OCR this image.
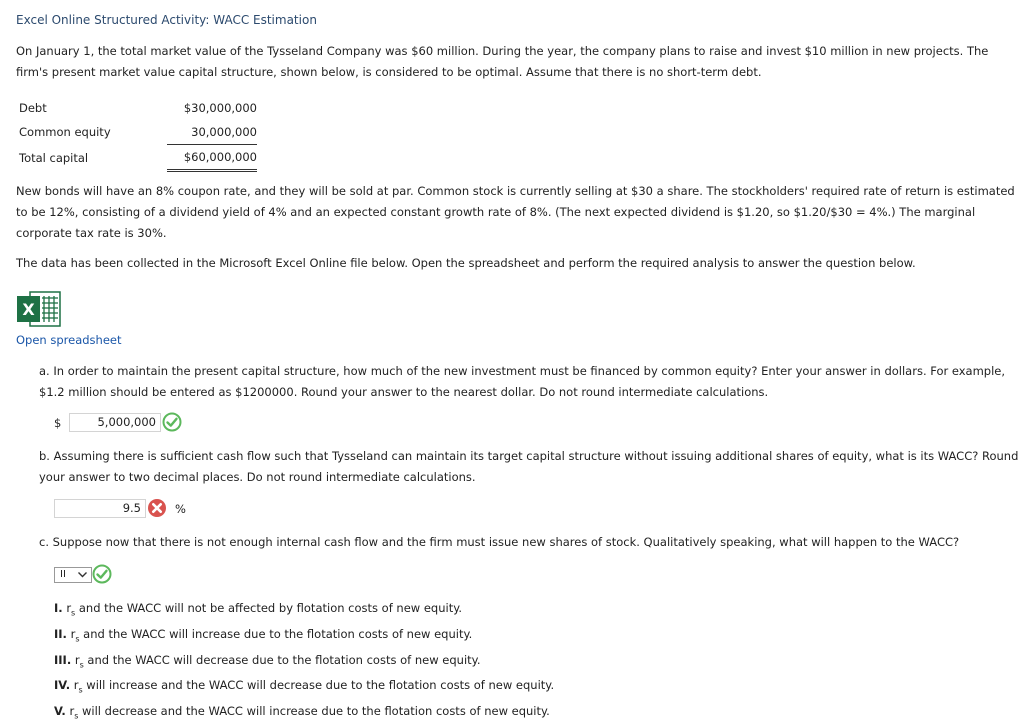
Excel Online Structured Activity: WACC Estimation
On January 1, the total market value of the Tysseland Company was $60 million. During the year, the company plans to raise and invest $10 million in new projects. The firm's present market value capital structure, shown below, is considered to be optimal. Assume that there is no short-term debt.
Debt	$30,000,000
Common equity	30,000,000
Total capital	$60,000,000
New bonds will have an 8% coupon rate, and they will be sold at par. Common stock is currently selling at $30 a share. The stockholders' required rate of return is estimated to be 12%, consisting of a dividend yield of 4% and an expected constant growth rate of 8%. (The next expected dividend is $1.20, so $1.20/$30 = 4%.) The marginal corporate tax rate is 30%.
The data has been collected in the Microsoft Excel Online file below. Open the spreadsheet and perform the required analysis to answer the question below.
X
Open spreadsheet
a. In order to maintain the present capital structure, how much of the new investment must be financed by common equity? Enter your answer in dollars. For example, $1.2 million should be entered as $1200000. Round your answer to the nearest dollar. Do not round intermediate calculations.
$	5,000,000
b. Assuming there is sufficient cash flow such that Tysseland can maintain its target capital structure without issuing additional shares of equity, what is its WACC? Round your answer to two decimal places. Do not round intermediate calculations.
9.5	%
c. Suppose now that there is not enough internal cash flow and the firm must issue new shares of stock. Qualitatively speaking, what will happen to the WACC?
II
I. $r_s$ and the WACC will not be affected by flotation costs of new equity.
II. $r_s$ and the WACC will increase due to the flotation costs of new equity.
III. $r_s$ and the WACC will decrease due to the flotation costs of new equity.
IV. $r_s$ will increase and the WACC will decrease due to the flotation costs of new equity.
V. $r_s$ will decrease and the WACC will increase due to the flotation costs of new equity.
